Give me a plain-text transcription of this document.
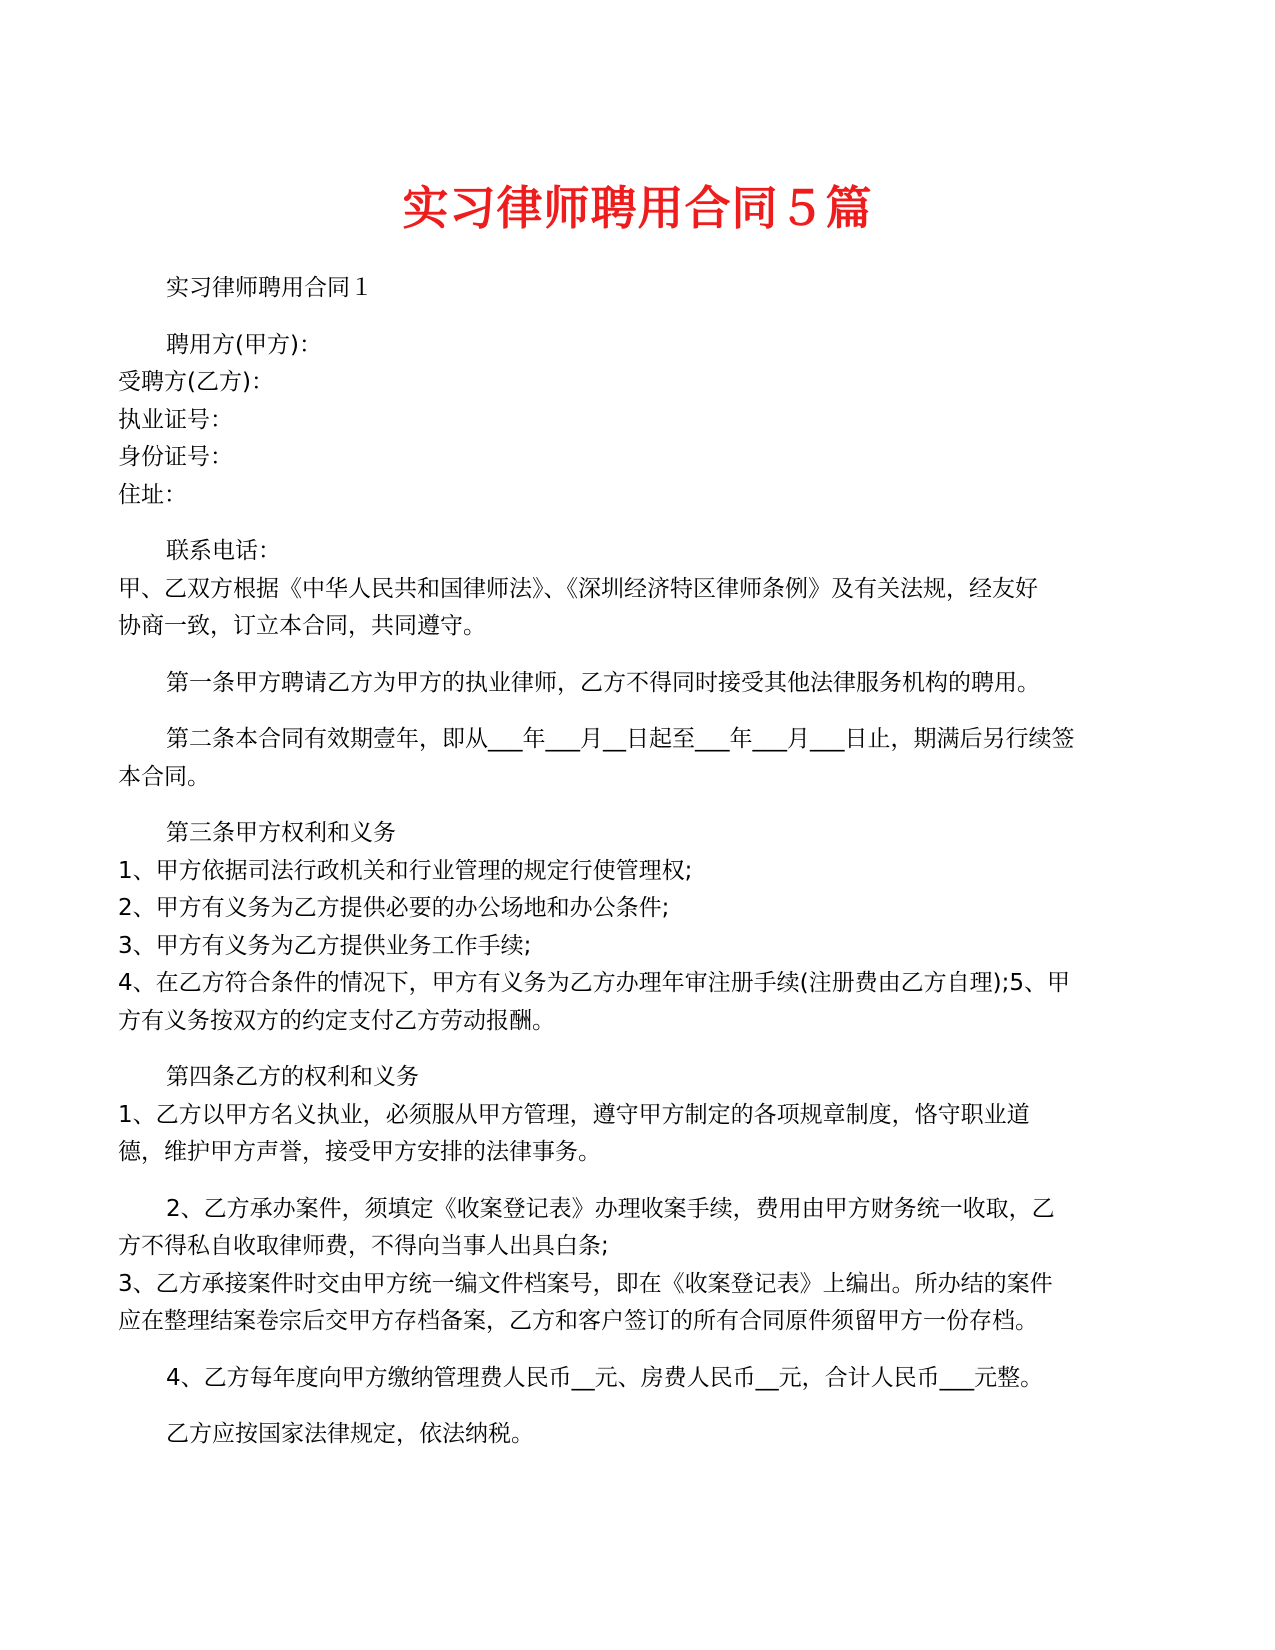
实习律师聘用合同５篇
实习律师聘用合同１
聘用方(甲方)：
受聘方(乙方)：
执业证号：
身份证号：
住址：
联系电话：
甲、乙双方根据《中华人民共和国律师法》、《深圳经济特区律师条例》及有关法规，经友好
协商一致，订立本合同，共同遵守。
第一条甲方聘请乙方为甲方的执业律师，乙方不得同时接受其他法律服务机构的聘用。
第二条本合同有效期壹年，即从___年___月__日起至___年___月___日止，期满后另行续签
本合同。
第三条甲方权利和义务
1、甲方依据司法行政机关和行业管理的规定行使管理权;
2、甲方有义务为乙方提供必要的办公场地和办公条件;
3、甲方有义务为乙方提供业务工作手续;
4、在乙方符合条件的情况下，甲方有义务为乙方办理年审注册手续(注册费由乙方自理);5、甲
方有义务按双方的约定支付乙方劳动报酬。
第四条乙方的权利和义务
1、乙方以甲方名义执业，必须服从甲方管理，遵守甲方制定的各项规章制度，恪守职业道
德，维护甲方声誉，接受甲方安排的法律事务。
2、乙方承办案件，须填定《收案登记表》办理收案手续，费用由甲方财务统一收取，乙
方不得私自收取律师费，不得向当事人出具白条;
3、乙方承接案件时交由甲方统一编文件档案号，即在《收案登记表》上编出。所办结的案件
应在整理结案卷宗后交甲方存档备案，乙方和客户签订的所有合同原件须留甲方一份存档。
4、乙方每年度向甲方缴纳管理费人民币__元、房费人民币__元，合计人民币___元整。
乙方应按国家法律规定，依法纳税。
